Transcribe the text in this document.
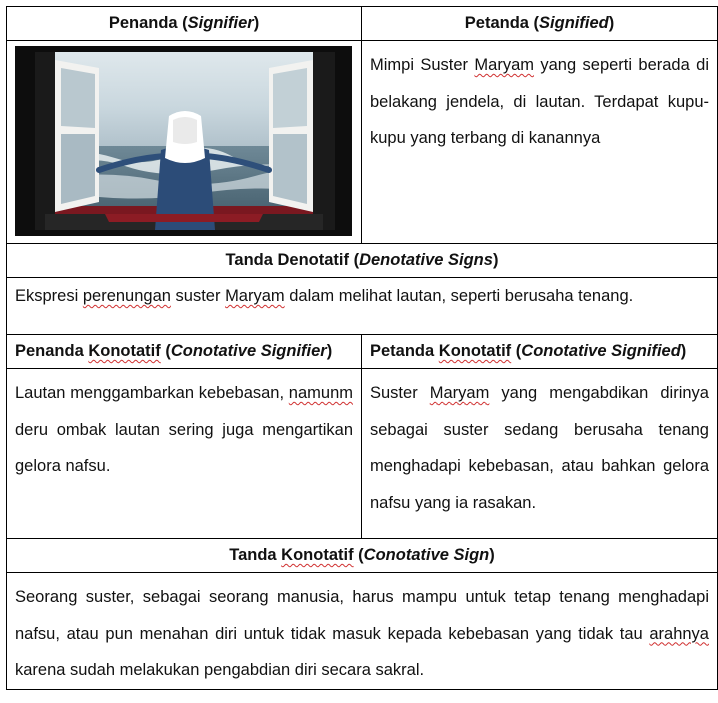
Penanda (Signifier)	Petanda (Signified)

Mimpi Suster Maryam yang seperti berada di belakang jendela, di lautan. Terdapat kupu-kupu yang terbang di kanannya

Tanda Denotatif (Denotative Signs)	
Ekspresi perenungan suster Maryam dalam melihat lautan, seperti berusaha tenang.	
Penanda Konotatif (Conotative Signifier)	Petanda Konotatif (Conotative Signified)

Lautan menggambarkan kebebasan, namunm deru ombak lautan sering juga mengartikan gelora nafsu.	Suster Maryam yang mengabdikan dirinya sebagai suster sedang berusaha tenang menghadapi kebebasan, atau bahkan gelora nafsu yang ia rasakan.

Tanda Konotatif (Conotative Sign)	

Seorang suster, sebagai seorang manusia, harus mampu untuk tetap tenang menghadapi nafsu, atau pun menahan diri untuk tidak masuk kepada kebebasan yang tidak tau arahnya karena sudah melakukan pengabdian diri secara sakral.	
